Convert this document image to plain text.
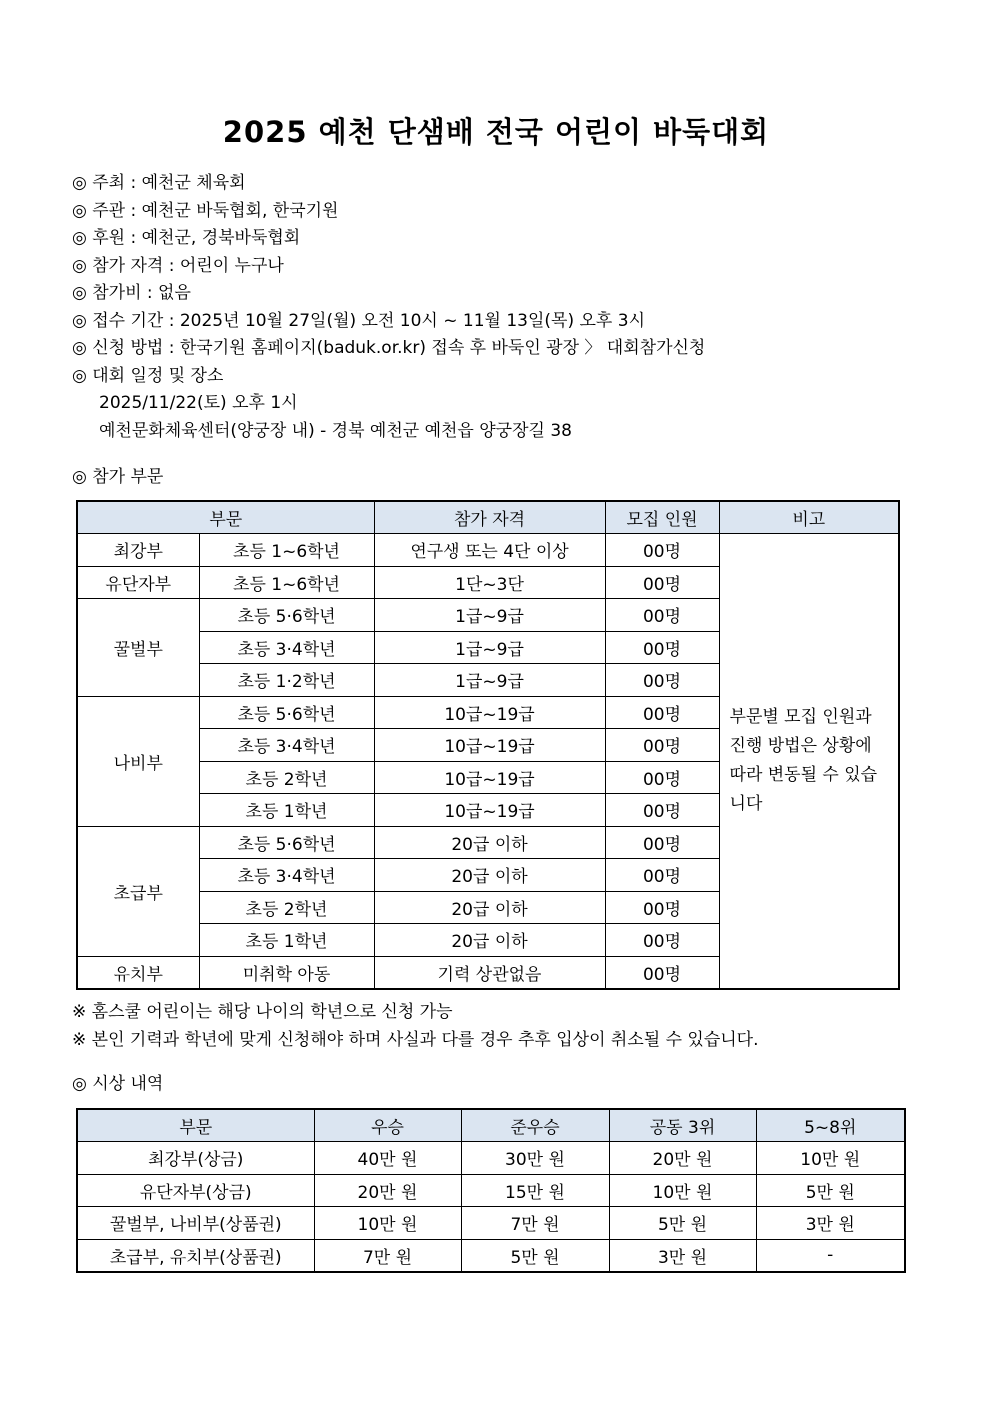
2025 예천 단샘배 전국 어린이 바둑대회
◎ 주최 : 예천군 체육회
◎ 주관 : 예천군 바둑협회, 한국기원
◎ 후원 : 예천군, 경북바둑협회
◎ 참가 자격 : 어린이 누구나
◎ 참가비 : 없음
◎ 접수 기간 : 2025년 10월 27일(월) 오전 10시 ~ 11월 13일(목) 오후 3시
◎ 신청 방법 : 한국기원 홈페이지(baduk.or.kr) 접속 후 바둑인 광장 〉 대회참가신청
◎ 대회 일정 및 장소
2025/11/22(토) 오후 1시
예천문화체육센터(양궁장 내) - 경북 예천군 예천읍 양궁장길 38
◎ 참가 부문
부문		참가 자격	모집 인원	비고
최강부	초등 1~6학년	연구생 또는 4단 이상	00명	부문별 모집 인원과 진행 방법은 상황에 따라 변동될 수 있습니다
유단자부	초등 1~6학년	1단~3단	00명	
꿀벌부	초등 5·6학년	1급~9급	00명	
	초등 3·4학년	1급~9급	00명	
	초등 1·2학년	1급~9급	00명	
나비부	초등 5·6학년	10급~19급	00명	
	초등 3·4학년	10급~19급	00명	
	초등 2학년	10급~19급	00명	
	초등 1학년	10급~19급	00명	
초급부	초등 5·6학년	20급 이하	00명	
	초등 3·4학년	20급 이하	00명	
	초등 2학년	20급 이하	00명	
	초등 1학년	20급 이하	00명	
유치부	미취학 아동	기력 상관없음	00명	
※ 홈스쿨 어린이는 해당 나이의 학년으로 신청 가능
※ 본인 기력과 학년에 맞게 신청해야 하며 사실과 다를 경우 추후 입상이 취소될 수 있습니다.
◎ 시상 내역
부문	우승	준우승	공동 3위	5~8위
최강부(상금)	40만 원	30만 원	20만 원	10만 원
유단자부(상금)	20만 원	15만 원	10만 원	5만 원
꿀벌부, 나비부(상품권)	10만 원	7만 원	5만 원	3만 원
초급부, 유치부(상품권)	7만 원	5만 원	3만 원	-
